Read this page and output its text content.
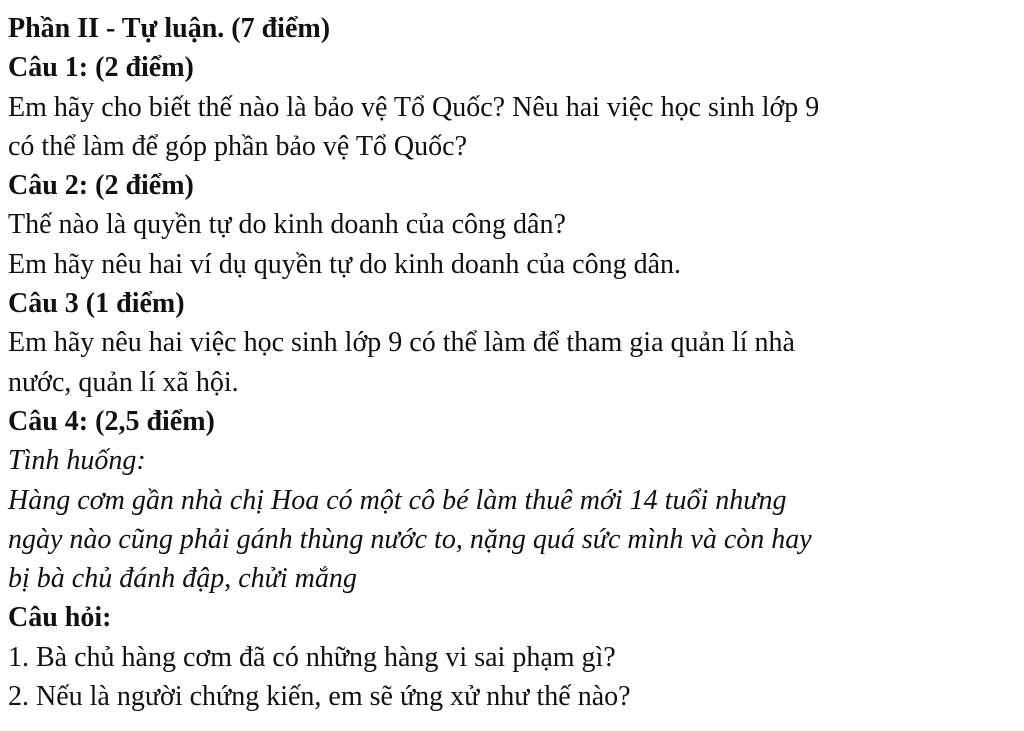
Phần II - Tự luận. (7 điểm)
Câu 1: (2 điểm)
Em hãy cho biết thế nào là bảo vệ Tổ Quốc? Nêu hai việc học sinh lớp 9
có thể làm để góp phần bảo vệ Tổ Quốc?
Câu 2: (2 điểm)
Thế nào là quyền tự do kinh doanh của công dân?
Em hãy nêu hai ví dụ quyền tự do kinh doanh của công dân.
Câu 3 (1 điểm)
Em hãy nêu hai việc học sinh lớp 9 có thể làm để tham gia quản lí nhà
nước, quản lí xã hội.
Câu 4: (2,5 điểm)
Tình huống:
Hàng cơm gần nhà chị Hoa có một cô bé làm thuê mới 14 tuổi nhưng
ngày nào cũng phải gánh thùng nước to, nặng quá sức mình và còn hay
bị bà chủ đánh đập, chửi mắng
Câu hỏi:
1. Bà chủ hàng cơm đã có những hàng vi sai phạm gì?
2. Nếu là người chứng kiến, em sẽ ứng xử như thế nào?
